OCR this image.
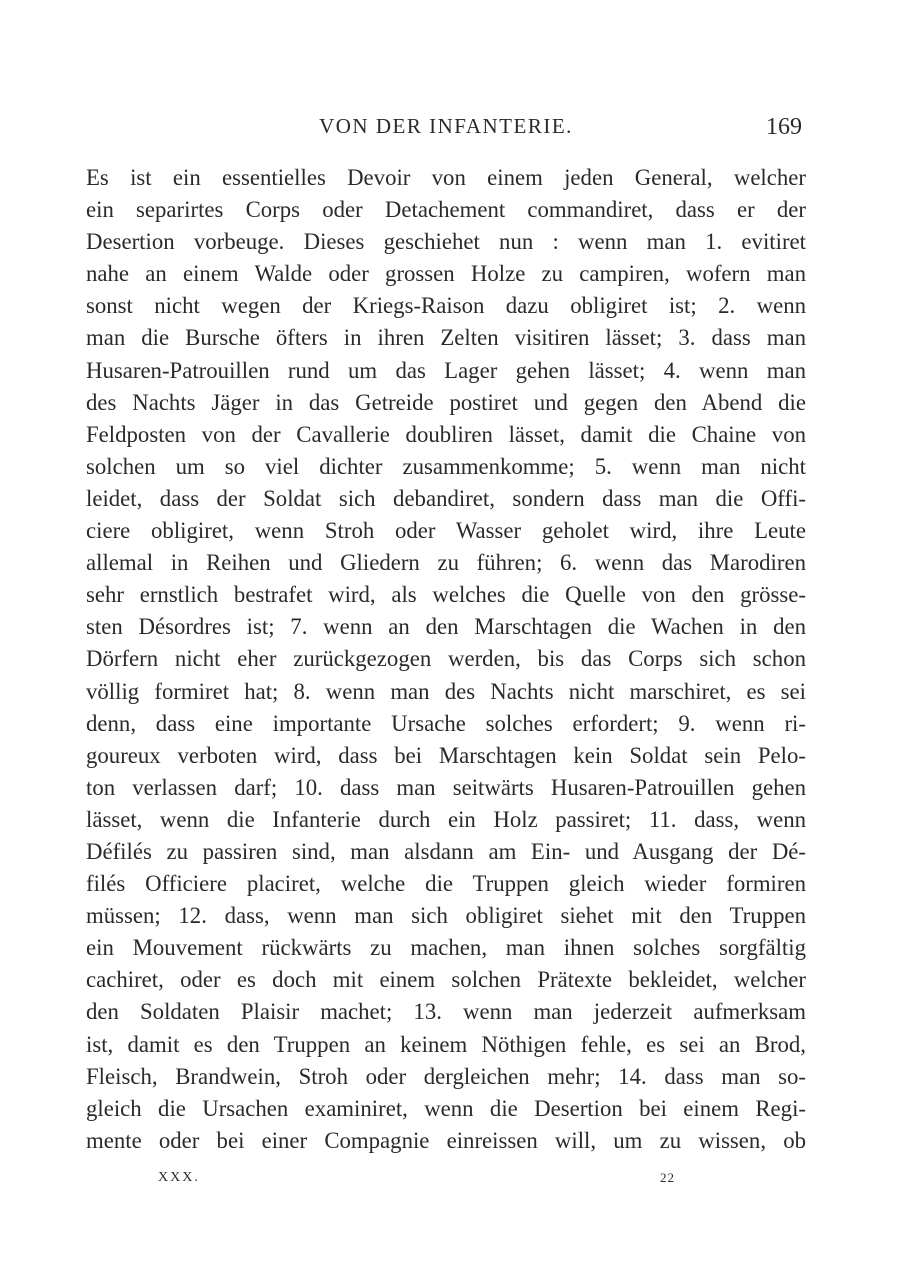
VON DER INFANTERIE.	169
Es ist ein essentielles Devoir von einem jeden General, welcher
ein separirtes Corps oder Detachement commandiret, dass er der
Desertion vorbeuge. Dieses geschiehet nun : wenn man 1. evitiret
nahe an einem Walde oder grossen Holze zu campiren, wofern man
sonst nicht wegen der Kriegs-Raison dazu obligiret ist; 2. wenn
man die Bursche öfters in ihren Zelten visitiren lässet; 3. dass man
Husaren-Patrouillen rund um das Lager gehen lässet; 4. wenn man
des Nachts Jäger in das Getreide postiret und gegen den Abend die
Feldposten von der Cavallerie doubliren lässet, damit die Chaine von
solchen um so viel dichter zusammenkomme; 5. wenn man nicht
leidet, dass der Soldat sich debandiret, sondern dass man die Offi-
ciere obligiret, wenn Stroh oder Wasser geholet wird, ihre Leute
allemal in Reihen und Gliedern zu führen; 6. wenn das Marodiren
sehr ernstlich bestrafet wird, als welches die Quelle von den grösse-
sten Désordres ist; 7. wenn an den Marschtagen die Wachen in den
Dörfern nicht eher zurückgezogen werden, bis das Corps sich schon
völlig formiret hat; 8. wenn man des Nachts nicht marschiret, es sei
denn, dass eine importante Ursache solches erfordert; 9. wenn ri-
goureux verboten wird, dass bei Marschtagen kein Soldat sein Pelo-
ton verlassen darf; 10. dass man seitwärts Husaren-Patrouillen gehen
lässet, wenn die Infanterie durch ein Holz passiret; 11. dass, wenn
Défilés zu passiren sind, man alsdann am Ein- und Ausgang der Dé-
filés Officiere placiret, welche die Truppen gleich wieder formiren
müssen; 12. dass, wenn man sich obligiret siehet mit den Truppen
ein Mouvement rückwärts zu machen, man ihnen solches sorgfältig
cachiret, oder es doch mit einem solchen Prätexte bekleidet, welcher
den Soldaten Plaisir machet; 13. wenn man jederzeit aufmerksam
ist, damit es den Truppen an keinem Nöthigen fehle, es sei an Brod,
Fleisch, Brandwein, Stroh oder dergleichen mehr; 14. dass man so-
gleich die Ursachen examiniret, wenn die Desertion bei einem Regi-
mente oder bei einer Compagnie einreissen will, um zu wissen, ob
XXX.	22
